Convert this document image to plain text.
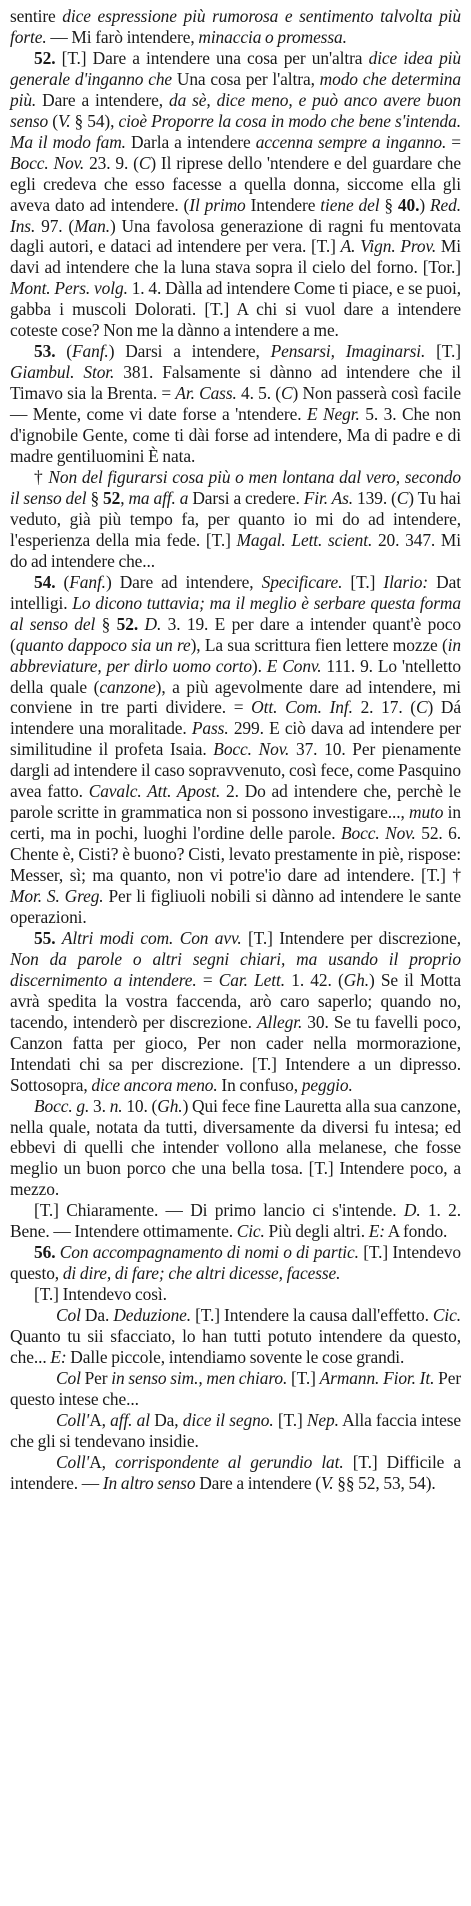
sentire dice espressione più rumorosa e sentimento talvolta più forte. — Mi farò intendere, minaccia o promessa.

52. [T.] Dare a intendere una cosa per un'altra dice idea più generale d'inganno che Una cosa per l'altra, modo che determina più. Dare a intendere, da sè, dice meno, e può anco avere buon senso (V. § 54), cioè Proporre la cosa in modo che bene s'intenda. Ma il modo fam. Darla a intendere accenna sempre a inganno. = Bocc. Nov. 23. 9. (C) Il riprese dello 'ntendere e del guardare che egli credeva che esso facesse a quella donna, siccome ella gli aveva dato ad intendere. (Il primo Intendere tiene del § 40.) Red. Ins. 97. (Man.) Una favolosa generazione di ragni fu mentovata dagli autori, e dataci ad intendere per vera. [T.] A. Vign. Prov. Mi davi ad intendere che la luna stava sopra il cielo del forno. [Tor.] Mont. Pers. volg. 1. 4. Dàlla ad intendere Come ti piace, e se puoi, gabba i muscoli Dolorati. [T.] A chi si vuol dare a intendere coteste cose? Non me la dànno a intendere a me.

53. (Fanf.) Darsi a intendere, Pensarsi, Imaginarsi. [T.] Giambul. Stor. 381. Falsamente si dànno ad intendere che il Timavo sia la Brenta. = Ar. Cass. 4. 5. (C) Non passerà così facile — Mente, come vi date forse a 'ntendere. E Negr. 5. 3. Che non d'ignobile Gente, come ti dài forse ad intendere, Ma di padre e di madre gentiluomini È nata.

† Non del figurarsi cosa più o men lontana dal vero, secondo il senso del § 52, ma aff. a Darsi a credere. Fir. As. 139. (C) Tu hai veduto, già più tempo fa, per quanto io mi do ad intendere, l'esperienza della mia fede. [T.] Magal. Lett. scient. 20. 347. Mi do ad intendere che...

54. (Fanf.) Dare ad intendere, Specificare. [T.] Ilario: Dat intelligi. Lo dicono tuttavia; ma il meglio è serbare questa forma al senso del § 52. D. 3. 19. E per dare a intender quant'è poco (quanto dappoco sia un re), La sua scrittura fien lettere mozze (in abbreviature, per dirlo uomo corto). E Conv. 111. 9. Lo 'ntelletto della quale (canzone), a più agevolmente dare ad intendere, mi conviene in tre parti dividere. = Ott. Com. Inf. 2. 17. (C) Dá intendere una moralitade. Pass. 299. E ciò dava ad intendere per similitudine il profeta Isaia. Bocc. Nov. 37. 10. Per pienamente dargli ad intendere il caso sopravvenuto, così fece, come Pasquino avea fatto. Cavalc. Att. Apost. 2. Do ad intendere che, perchè le parole scritte in grammatica non si possono investigare..., muto in certi, ma in pochi, luoghi l'ordine delle parole. Bocc. Nov. 52. 6. Chente è, Cisti? è buono? Cisti, levato prestamente in piè, rispose: Messer, sì; ma quanto, non vi potre'io dare ad intendere. [T.] † Mor. S. Greg. Per li figliuoli nobili si dànno ad intendere le sante operazioni.

55. Altri modi com. Con avv. [T.] Intendere per discrezione, Non da parole o altri segni chiari, ma usando il proprio discernimento a intendere. = Car. Lett. 1. 42. (Gh.) Se il Motta avrà spedita la vostra faccenda, arò caro saperlo; quando no, tacendo, intenderò per discrezione. Allegr. 30. Se tu favelli poco, Canzon fatta per gioco, Per non cader nella mormorazione, Intendati chi sa per discrezione. [T.] Intendere a un dipresso. Sottosopra, dice ancora meno. In confuso, peggio.

Bocc. g. 3. n. 10. (Gh.) Qui fece fine Lauretta alla sua canzone, nella quale, notata da tutti, diversamente da diversi fu intesa; ed ebbevi di quelli che intender vollono alla melanese, che fosse meglio un buon porco che una bella tosa. [T.] Intendere poco, a mezzo.

[T.] Chiaramente. — Di primo lancio ci s'intende. D. 1. 2. Bene. — Intendere ottimamente. Cic. Più degli altri. E: A fondo.

56. Con accompagnamento di nomi o di partic. [T.] Intendevo questo, di dire, di fare; che altri dicesse, facesse.

[T.] Intendevo così.

Col Da. Deduzione. [T.] Intendere la causa dall'effetto. Cic. Quanto tu sii sfacciato, lo han tutti potuto intendere da questo, che... E: Dalle piccole, intendiamo sovente le cose grandi.

Col Per in senso sim., men chiaro. [T.] Armann. Fior. It. Per questo intese che...

Coll'A, aff. al Da, dice il segno. [T.] Nep. Alla faccia intese che gli si tendevano insidie.

Coll'A, corrispondente al gerundio lat. [T.] Difficile a intendere. — In altro senso Dare a intendere (V. §§ 52, 53, 54).
